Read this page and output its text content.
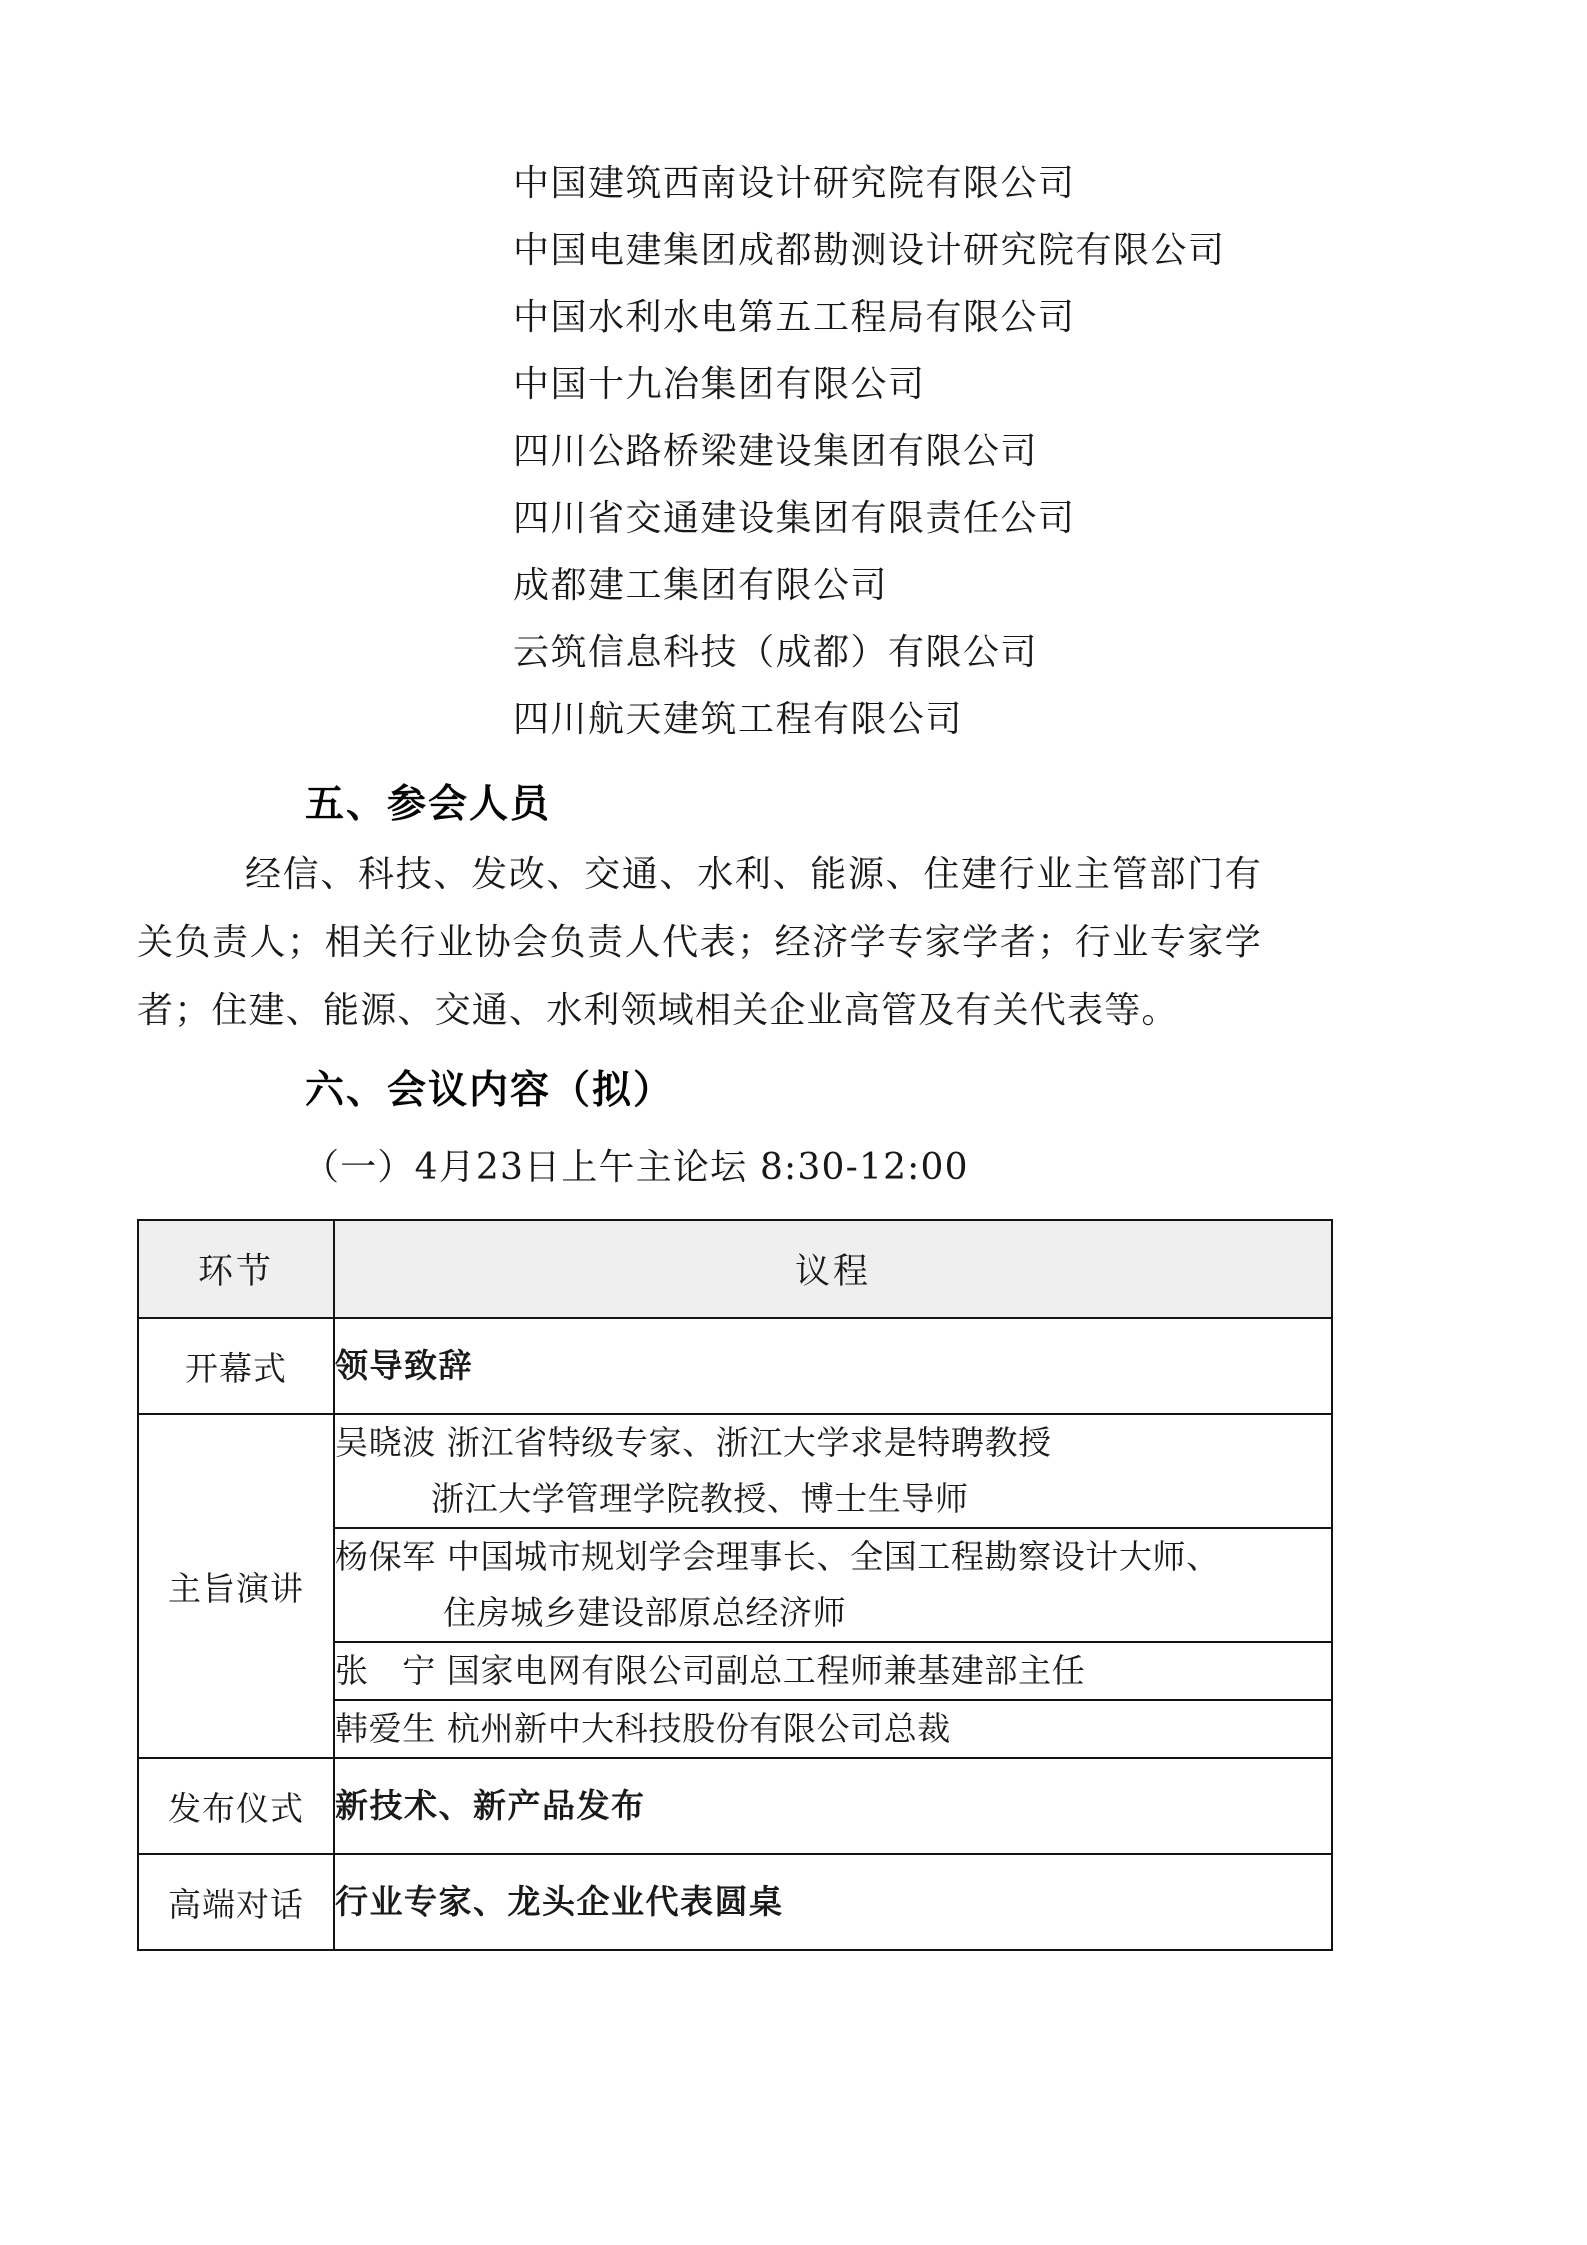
中国建筑西南设计研究院有限公司
中国电建集团成都勘测设计研究院有限公司
中国水利水电第五工程局有限公司
中国十九冶集团有限公司
四川公路桥梁建设集团有限公司
四川省交通建设集团有限责任公司
成都建工集团有限公司
云筑信息科技（成都）有限公司
四川航天建筑工程有限公司
五、参会人员
经信、科技、发改、交通、水利、能源、住建行业主管部门有关负责人；相关行业协会负责人代表；经济学专家学者；行业专家学者；住建、能源、交通、水利领域相关企业高管及有关代表等。
六、会议内容（拟）
（一）4月23日上午主论坛 8:30-12:00
环节	议程
开幕式	领导致辞
主旨演讲	吴晓波 浙江省特级专家、浙江大学求是特聘教授
浙江大学管理学院教授、博士生导师

	杨保军 中国城市规划学会理事长、全国工程勘察设计大师、
住房城乡建设部原总经济师

	张　宁 国家电网有限公司副总工程师兼基建部主任

	韩爱生 杭州新中大科技股份有限公司总裁

发布仪式	新技术、新产品发布
高端对话	行业专家、龙头企业代表圆桌
